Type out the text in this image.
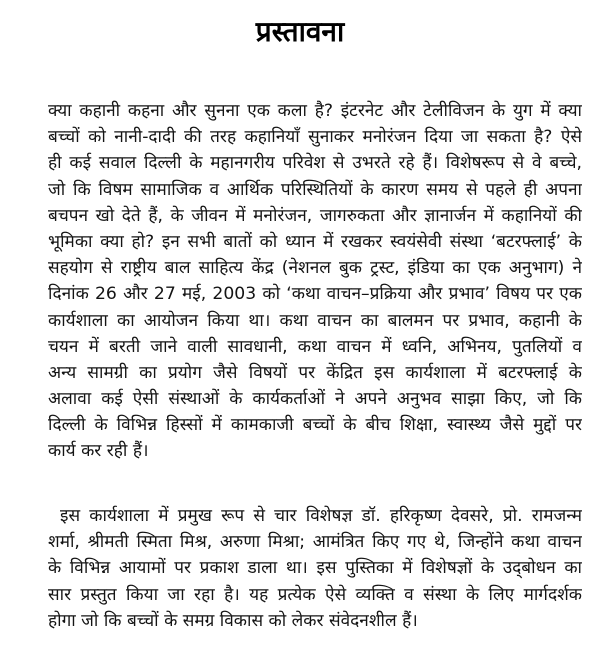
प्रस्तावना
क्या कहानी कहना और सुनना एक कला है? इंटरनेट और टेलीविजन के युग में क्या
बच्चों को नानी-दादी की तरह कहानियाँ सुनाकर मनोरंजन दिया जा सकता है? ऐसे
ही कई सवाल दिल्ली के महानगरीय परिवेश से उभरते रहे हैं। विशेषरूप से वे बच्चे,
जो कि विषम सामाजिक व आर्थिक परिस्थितियों के कारण समय से पहले ही अपना
बचपन खो देते हैं, के जीवन में मनोरंजन, जागरुकता और ज्ञानार्जन में कहानियों की
भूमिका क्या हो? इन सभी बातों को ध्यान में रखकर स्वयंसेवी संस्था ‘बटरफ्लाई’ के
सहयोग से राष्ट्रीय बाल साहित्य केंद्र (नेशनल बुक ट्रस्ट, इंडिया का एक अनुभाग) ने
दिनांक 26 और 27 मई, 2003 को ‘कथा वाचन–प्रक्रिया और प्रभाव’ विषय पर एक
कार्यशाला का आयोजन किया था। कथा वाचन का बालमन पर प्रभाव, कहानी के
चयन में बरती जाने वाली सावधानी, कथा वाचन में ध्वनि, अभिनय, पुतलियों व
अन्य सामग्री का प्रयोग जैसे विषयों पर केंद्रित इस कार्यशाला में बटरफ्लाई के
अलावा कई ऐसी संस्थाओं के कार्यकर्ताओं ने अपने अनुभव साझा किए, जो कि
दिल्ली के विभिन्न हिस्सों में कामकाजी बच्चों के बीच शिक्षा, स्वास्थ्य जैसे मुद्दों पर
कार्य कर रही हैं।
इस कार्यशाला में प्रमुख रूप से चार विशेषज्ञ डॉ. हरिकृष्ण देवसरे, प्रो. रामजन्म
शर्मा, श्रीमती स्मिता मिश्र, अरुणा मिश्रा; आमंत्रित किए गए थे, जिन्होंने कथा वाचन
के विभिन्न आयामों पर प्रकाश डाला था। इस पुस्तिका में विशेषज्ञों के उद्‌बोधन का
सार प्रस्तुत किया जा रहा है। यह प्रत्येक ऐसे व्यक्ति व संस्था के लिए मार्गदर्शक
होगा जो कि बच्चों के समग्र विकास को लेकर संवेदनशील हैं।
